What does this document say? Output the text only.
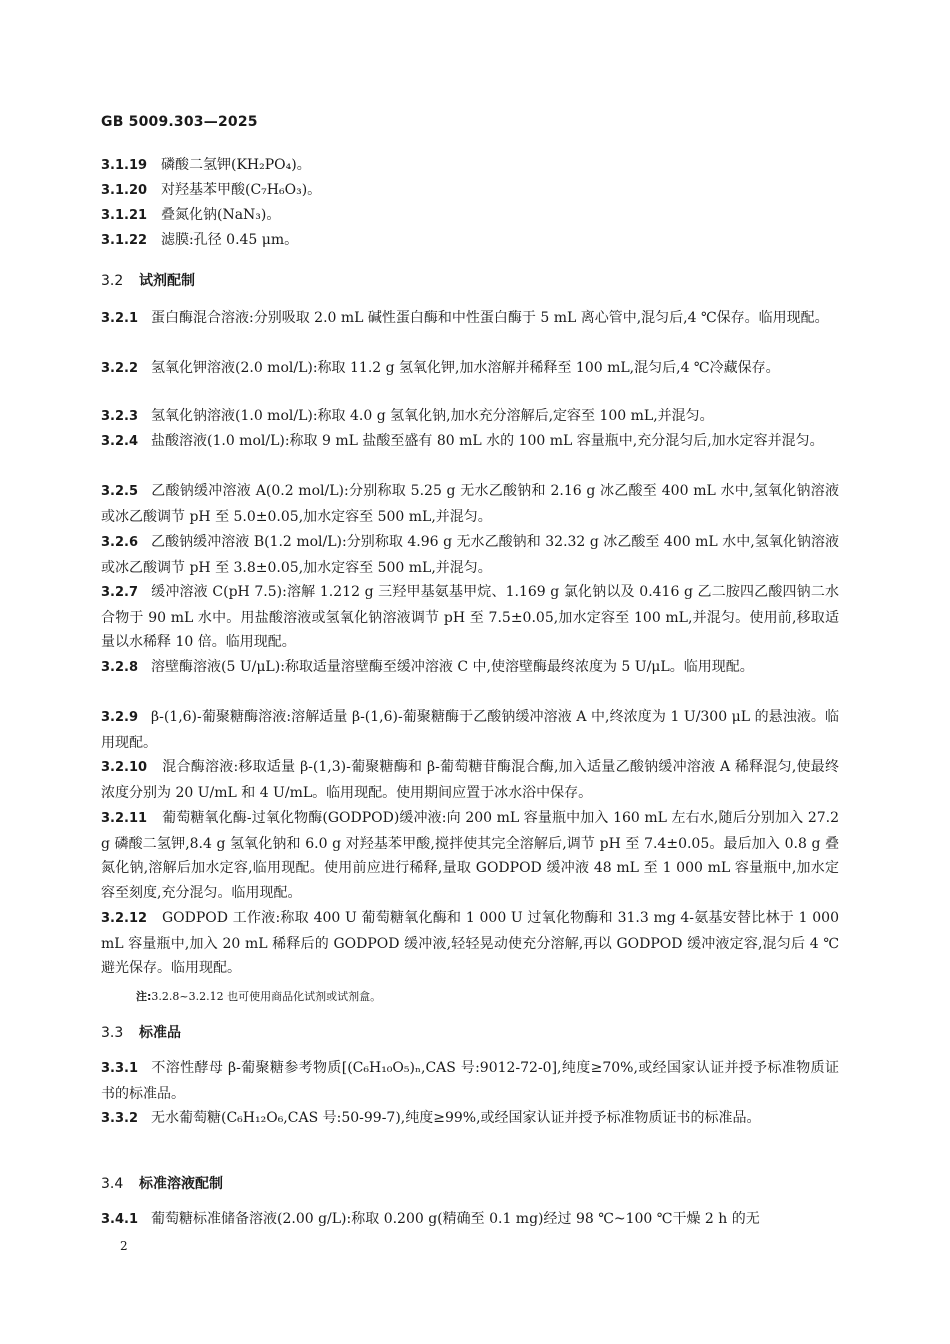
GB 5009.303—2025
3.1.19 磷酸二氢钾(KH₂PO₄)。
3.1.20 对羟基苯甲酸(C₇H₆O₃)。
3.1.21 叠氮化钠(NaN₃)。
3.1.22 滤膜:孔径 0.45 μm。
3.2 试剂配制
3.2.1 蛋白酶混合溶液:分别吸取 2.0 mL 碱性蛋白酶和中性蛋白酶于 5 mL 离心管中,混匀后,4 ℃保存。临用现配。
3.2.2 氢氧化钾溶液(2.0 mol/L):称取 11.2 g 氢氧化钾,加水溶解并稀释至 100 mL,混匀后,4 ℃冷藏保存。
3.2.3 氢氧化钠溶液(1.0 mol/L):称取 4.0 g 氢氧化钠,加水充分溶解后,定容至 100 mL,并混匀。
3.2.4 盐酸溶液(1.0 mol/L):称取 9 mL 盐酸至盛有 80 mL 水的 100 mL 容量瓶中,充分混匀后,加水定容并混匀。
3.2.5 乙酸钠缓冲溶液 A(0.2 mol/L):分别称取 5.25 g 无水乙酸钠和 2.16 g 冰乙酸至 400 mL 水中,氢氧化钠溶液或冰乙酸调节 pH 至 5.0±0.05,加水定容至 500 mL,并混匀。
3.2.6 乙酸钠缓冲溶液 B(1.2 mol/L):分别称取 4.96 g 无水乙酸钠和 32.32 g 冰乙酸至 400 mL 水中,氢氧化钠溶液或冰乙酸调节 pH 至 3.8±0.05,加水定容至 500 mL,并混匀。
3.2.7 缓冲溶液 C(pH 7.5):溶解 1.212 g 三羟甲基氨基甲烷、1.169 g 氯化钠以及 0.416 g 乙二胺四乙酸四钠二水合物于 90 mL 水中。用盐酸溶液或氢氧化钠溶液调节 pH 至 7.5±0.05,加水定容至 100 mL,并混匀。使用前,移取适量以水稀释 10 倍。临用现配。
3.2.8 溶壁酶溶液(5 U/μL):称取适量溶壁酶至缓冲溶液 C 中,使溶壁酶最终浓度为 5 U/μL。临用现配。
3.2.9 β-(1,6)-葡聚糖酶溶液:溶解适量 β-(1,6)-葡聚糖酶于乙酸钠缓冲溶液 A 中,终浓度为 1 U/300 μL 的悬浊液。临用现配。
3.2.10 混合酶溶液:移取适量 β-(1,3)-葡聚糖酶和 β-葡萄糖苷酶混合酶,加入适量乙酸钠缓冲溶液 A 稀释混匀,使最终浓度分别为 20 U/mL 和 4 U/mL。临用现配。使用期间应置于冰水浴中保存。
3.2.11 葡萄糖氧化酶-过氧化物酶(GODPOD)缓冲液:向 200 mL 容量瓶中加入 160 mL 左右水,随后分别加入 27.2 g 磷酸二氢钾,8.4 g 氢氧化钠和 6.0 g 对羟基苯甲酸,搅拌使其完全溶解后,调节 pH 至 7.4±0.05。最后加入 0.8 g 叠氮化钠,溶解后加水定容,临用现配。使用前应进行稀释,量取 GODPOD 缓冲液 48 mL 至 1 000 mL 容量瓶中,加水定容至刻度,充分混匀。临用现配。
3.2.12 GODPOD 工作液:称取 400 U 葡萄糖氧化酶和 1 000 U 过氧化物酶和 31.3 mg 4-氨基安替比林于 1 000 mL 容量瓶中,加入 20 mL 稀释后的 GODPOD 缓冲液,轻轻晃动使充分溶解,再以 GODPOD 缓冲液定容,混匀后 4 ℃避光保存。临用现配。
注:3.2.8~3.2.12 也可使用商品化试剂或试剂盒。
3.3 标准品
3.3.1 不溶性酵母 β-葡聚糖参考物质[(C₆H₁₀O₅)ₙ,CAS 号:9012-72-0],纯度≥70%,或经国家认证并授予标准物质证书的标准品。
3.3.2 无水葡萄糖(C₆H₁₂O₆,CAS 号:50-99-7),纯度≥99%,或经国家认证并授予标准物质证书的标准品。
3.4 标准溶液配制
3.4.1 葡萄糖标准储备溶液(2.00 g/L):称取 0.200 g(精确至 0.1 mg)经过 98 ℃~100 ℃干燥 2 h 的无
2
